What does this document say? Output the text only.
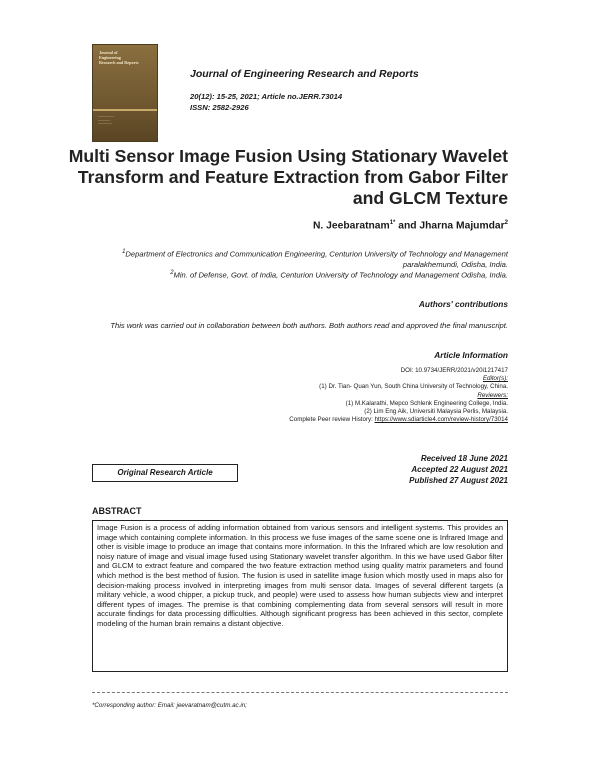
Journal of
Engineering
Research and Reports
────────
──────
───────
Journal of Engineering Research and Reports
20(12): 15-25, 2021; Article no.JERR.73014
ISSN: 2582-2926
Multi Sensor Image Fusion Using Stationary Wavelet
Transform and Feature Extraction from Gabor Filter
and GLCM Texture
N. Jeebaratnam$^{1*}$ and Jharna Majumdar$^2$
$^1$Department of Electronics and Communication Engineering, Centurion University of Technology and Management paralakhemundi, Odisha, India.
$^2$Min. of Defense, Govt. of India, Centurion University of Technology and Management Odisha, India.
Authors' contributions
This work was carried out in collaboration between both authors. Both authors read and approved the final manuscript.
Article Information
DOI: 10.9734/JERR/2021/v20i1217417
Editor(s):
(1) Dr. Tian- Quan Yun, South China University of Technology, China.
Reviewers:
(1) M.Kalarathi, Mepco Schlenk Engineering College, India.
(2) Lim Eng Aik, Universiti Malaysia Perlis, Malaysia.
Complete Peer review History: https://www.sdiarticle4.com/review-history/73014
Original Research Article
Received 18 June 2021
Accepted 22 August 2021
Published 27 August 2021
ABSTRACT
Image Fusion is a process of adding information obtained from various sensors and intelligent systems. This provides an image which containing complete information. In this process we fuse images of the same scene one is Infrared Image and other is visible image to produce an image that contains more information. In this the Infrared which are low resolution and noisy nature of image and visual image fused using Stationary wavelet transfer algorithm. In this we have used Gabor filter and GLCM to extract feature and compared the two feature extraction method using quality matrix parameters and found which method is the best method of fusion. The fusion is used in satellite image fusion which mostly used in maps also for decision-making process involved in interpreting images from multi sensor data. Images of several different targets (a military vehicle, a wood chipper, a pickup truck, and people) were used to assess how human subjects view and interpret different types of images. The premise is that combining complementing data from several sensors will result in more accurate findings for data processing difficulties. Although significant progress has been achieved in this sector, complete modeling of the human brain remains a distant objective.
*Corresponding author: Email: jeevaratnam@cutm.ac.in;
